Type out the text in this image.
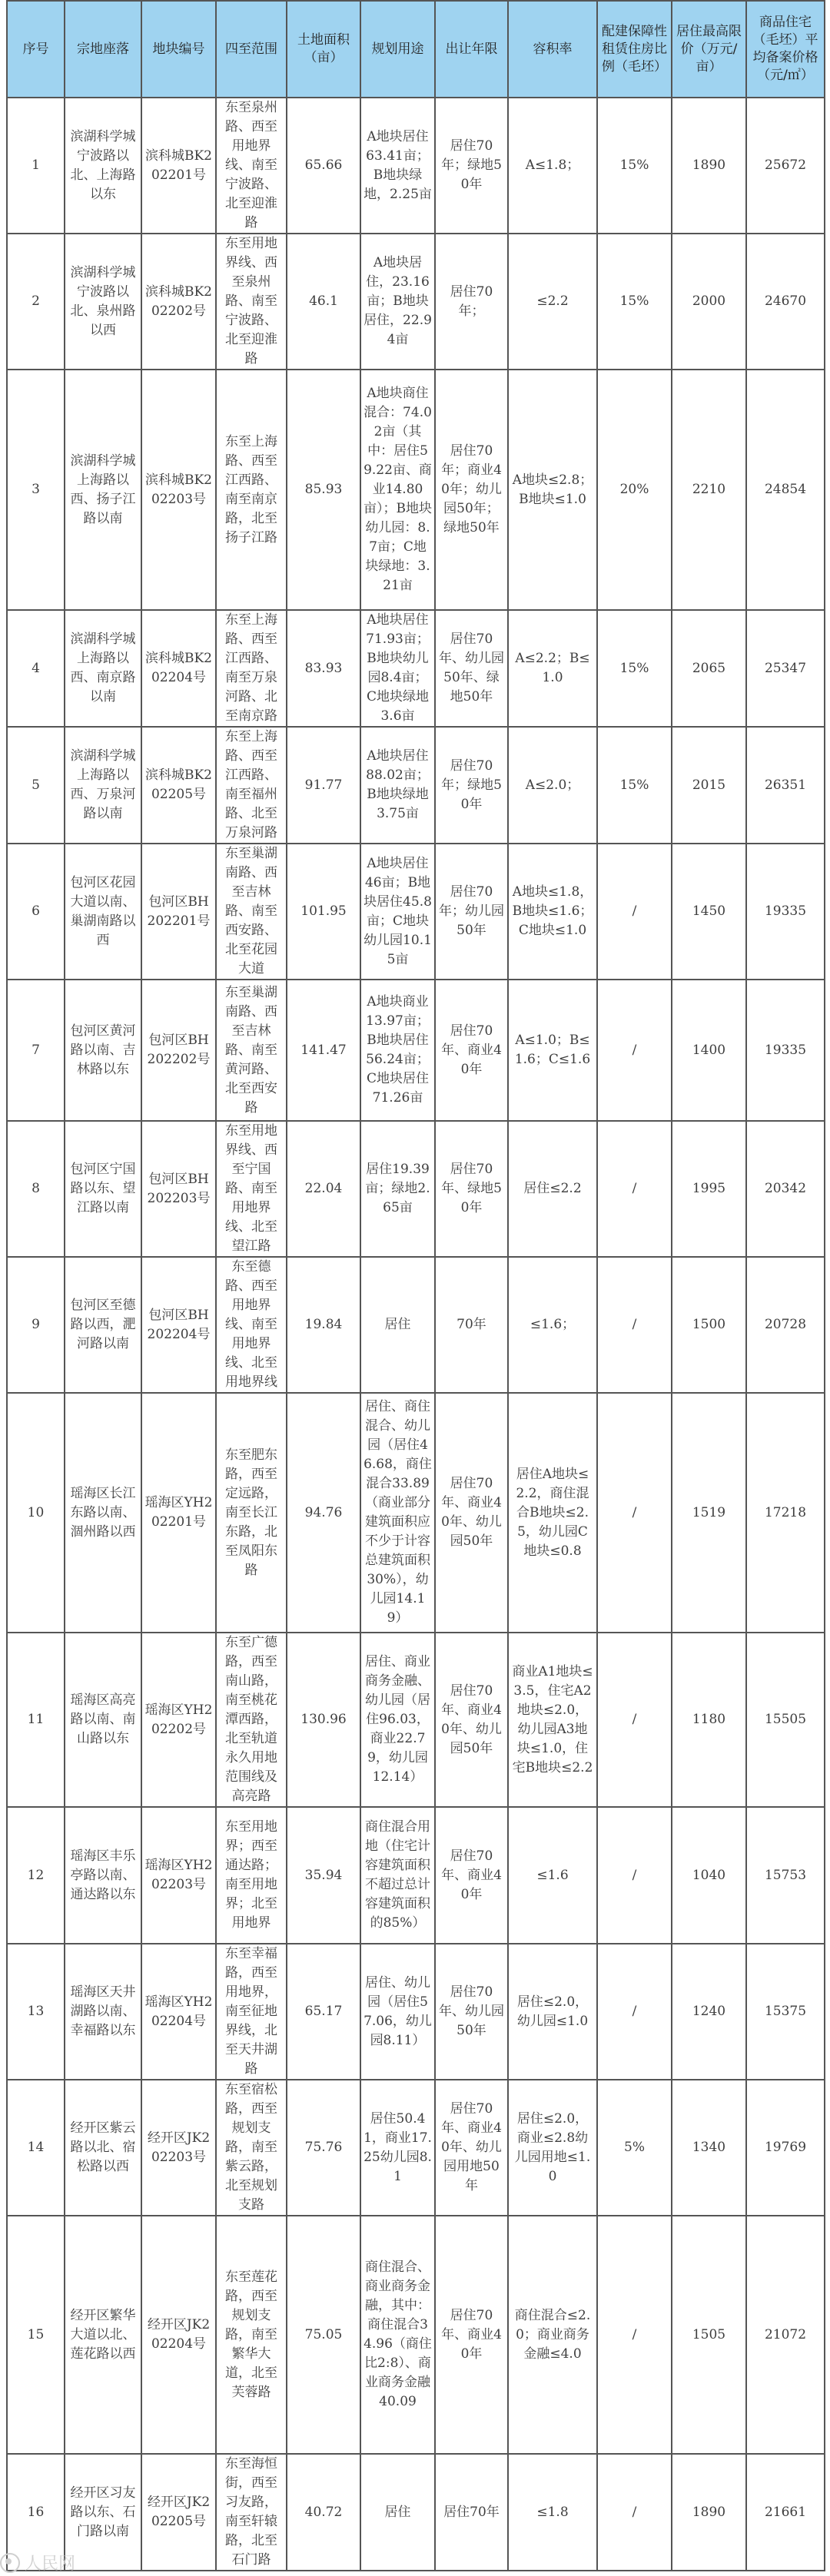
序号	宗地座落	地块编号	四至范围	土地面积（亩）	规划用途	出让年限	容积率	配建保障性租赁住房比例（毛坯）	居住最高限价（万元/亩）	商品住宅（毛坯）平均备案价格（元/㎡）
1	滨湖科学城宁波路以北、上海路以东	滨科城BK202201号	东至泉州路、西至用地界线、南至宁波路、北至迎淮路	65.66	A地块居住63.41亩；B地块绿地，2.25亩	居住70年；绿地50年	A≤1.8；	15%	1890	25672
2	滨湖科学城宁波路以北、泉州路以西	滨科城BK202202号	东至用地界线、西至泉州路、南至宁波路、北至迎淮路	46.1	A地块居住，23.16亩；B地块居住，22.94亩	居住70年；	≤2.2	15%	2000	24670
3	滨湖科学城上海路以西、扬子江路以南	滨科城BK202203号	东至上海路、西至江西路、南至南京路，北至扬子江路	85.93	A地块商住混合：74.02亩（其中：居住59.22亩、商业14.80亩）；B地块幼儿园：8.7亩；C地块绿地：3.21亩	居住70年；商业40年；幼儿园50年；绿地50年	A地块≤2.8；B地块≤1.0	20%	2210	24854
4	滨湖科学城上海路以西、南京路以南	滨科城BK202204号	东至上海路、西至江西路、南至万泉河路、北至南京路	83.93	A地块居住71.93亩；B地块幼儿园8.4亩；C地块绿地3.6亩	居住70年、幼儿园50年、绿地50年	A≤2.2；B≤1.0	15%	2065	25347
5	滨湖科学城上海路以西、万泉河路以南	滨科城BK202205号	东至上海路、西至江西路、南至福州路、北至万泉河路	91.77	A地块居住88.02亩；B地块绿地3.75亩	居住70年；绿地50年	A≤2.0；	15%	2015	26351
6	包河区花园大道以南、巢湖南路以西	包河区BH202201号	东至巢湖南路、西至吉林路、南至西安路、北至花园大道	101.95	A地块居住46亩；B地块居住45.8亩；C地块幼儿园10.15亩	居住70年；幼儿园50年	A地块≤1.8，B地块≤1.6；C地块≤1.0	/	1450	19335
7	包河区黄河路以南、吉林路以东	包河区BH202202号	东至巢湖南路、西至吉林路、南至黄河路、北至西安路	141.47	A地块商业13.97亩；B地块居住56.24亩；C地块居住71.26亩	居住70年、商业40年	A≤1.0；B≤1.6；C≤1.6	/	1400	19335
8	包河区宁国路以东、望江路以南	包河区BH202203号	东至用地界线、西至宁国路、南至用地界线、北至望江路	22.04	居住19.39亩；绿地2.65亩	居住70年、绿地50年	居住≤2.2	/	1995	20342
9	包河区至德路以西，淝河路以南	包河区BH202204号	东至德路、西至用地界线、南至用地界线、北至用地界线	19.84	居住	70年	≤1.6；	/	1500	20728
10	瑶海区长江东路以南、涸州路以西	瑶海区YH202201号	东至肥东路，西至定远路，南至长江东路，北至凤阳东路	94.76	居住、商住混合、幼儿园（居住46.68，商住混合33.89（商业部分建筑面积应不少于计容总建筑面积30%），幼儿园14.19）	居住70年、商业40年、幼儿园50年	居住A地块≤2.2，商住混合B地块≤2.5，幼儿园C地块≤0.8	/	1519	17218
11	瑶海区高亮路以南、南山路以东	瑶海区YH202202号	东至广德路，西至南山路，南至桃花潭西路，北至轨道永久用地范围线及高亮路	130.96	居住、商业商务金融、幼儿园（居住96.03，商业22.79，幼儿园12.14）	居住70年、商业40年、幼儿园50年	商业A1地块≤3.5，住宅A2地块≤2.0，幼儿园A3地块≤1.0，住宅B地块≤2.2	/	1180	15505
12	瑶海区丰乐亭路以南、通达路以东	瑶海区YH202203号	东至用地界；西至通达路；南至用地界；北至用地界	35.94	商住混合用地（住宅计容建筑面积不超过总计容建筑面积的85%）	居住70年、商业40年	≤1.6	/	1040	15753
13	瑶海区天井湖路以南、幸福路以东	瑶海区YH202204号	东至幸福路，西至用地界，南至征地界线，北至天井湖路	65.17	居住、幼儿园（居住57.06，幼儿园8.11）	居住70年、幼儿园50年	居住≤2.0，幼儿园≤1.0	/	1240	15375
14	经开区紫云路以北、宿松路以西	经开区JK202203号	东至宿松路，西至规划支路，南至紫云路，北至规划支路	75.76	居住50.41，商业17.25幼儿园8.1	居住70年、商业40年、幼儿园用地50年	居住≤2.0，商业≤2.8幼儿园用地≤1.0	5%	1340	19769
15	经开区繁华大道以北、莲花路以西	经开区JK202204号	东至莲花路，西至规划支路，南至繁华大道，北至芙蓉路	75.05	商住混合、商业商务金融，其中：商住混合34.96（商住比2:8）、商业商务金融40.09	居住70年、商业40年	商住混合≤2.0；商业商务金融≤4.0	/	1505	21072
16	经开区习友路以东、石门路以南	经开区JK202205号	东至海恒街，西至习友路，南至轩辕路，北至石门路	40.72	居住	居住70年	≤1.8	/	1890	21661
人民网
